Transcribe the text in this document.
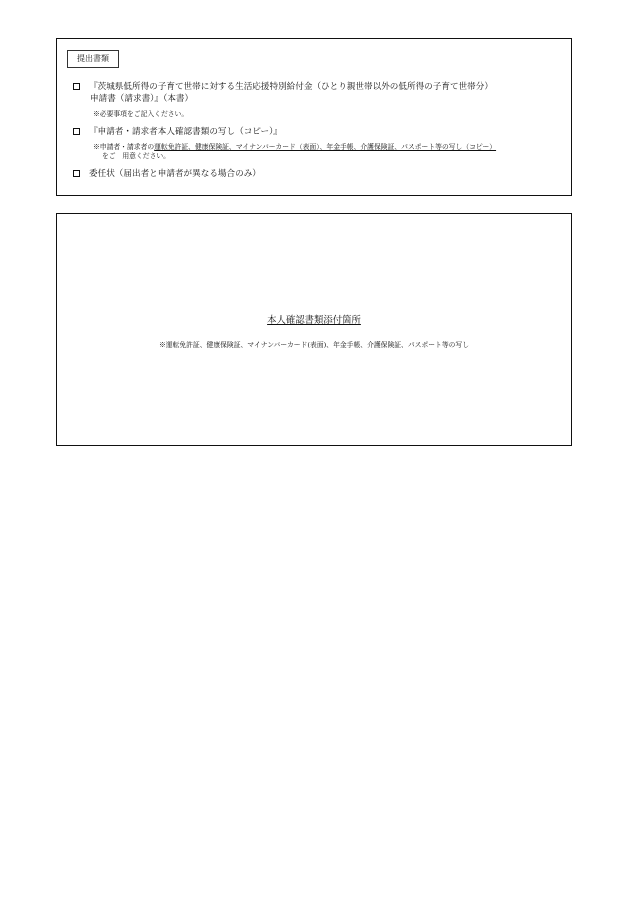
提出書類
『茨城県低所得の子育て世帯に対する生活応援特別給付金（ひとり親世帯以外の低所得の子育て世帯分）
申請書（請求書）』（本書）
※必要事項をご記入ください。
『申請者・請求者本人確認書類の写し（コピー）』
※申請者・請求者の運転免許証、健康保険証、マイナンバーカード（表面）、年金手帳、介護保険証、パスポート等の写し（コピー）
をご　用意ください。
委任状（届出者と申請者が異なる場合のみ）
本人確認書類添付箇所
※運転免許証、健康保険証、マイナンバーカード(表面)、年金手帳、介護保険証、パスポート等の写し
